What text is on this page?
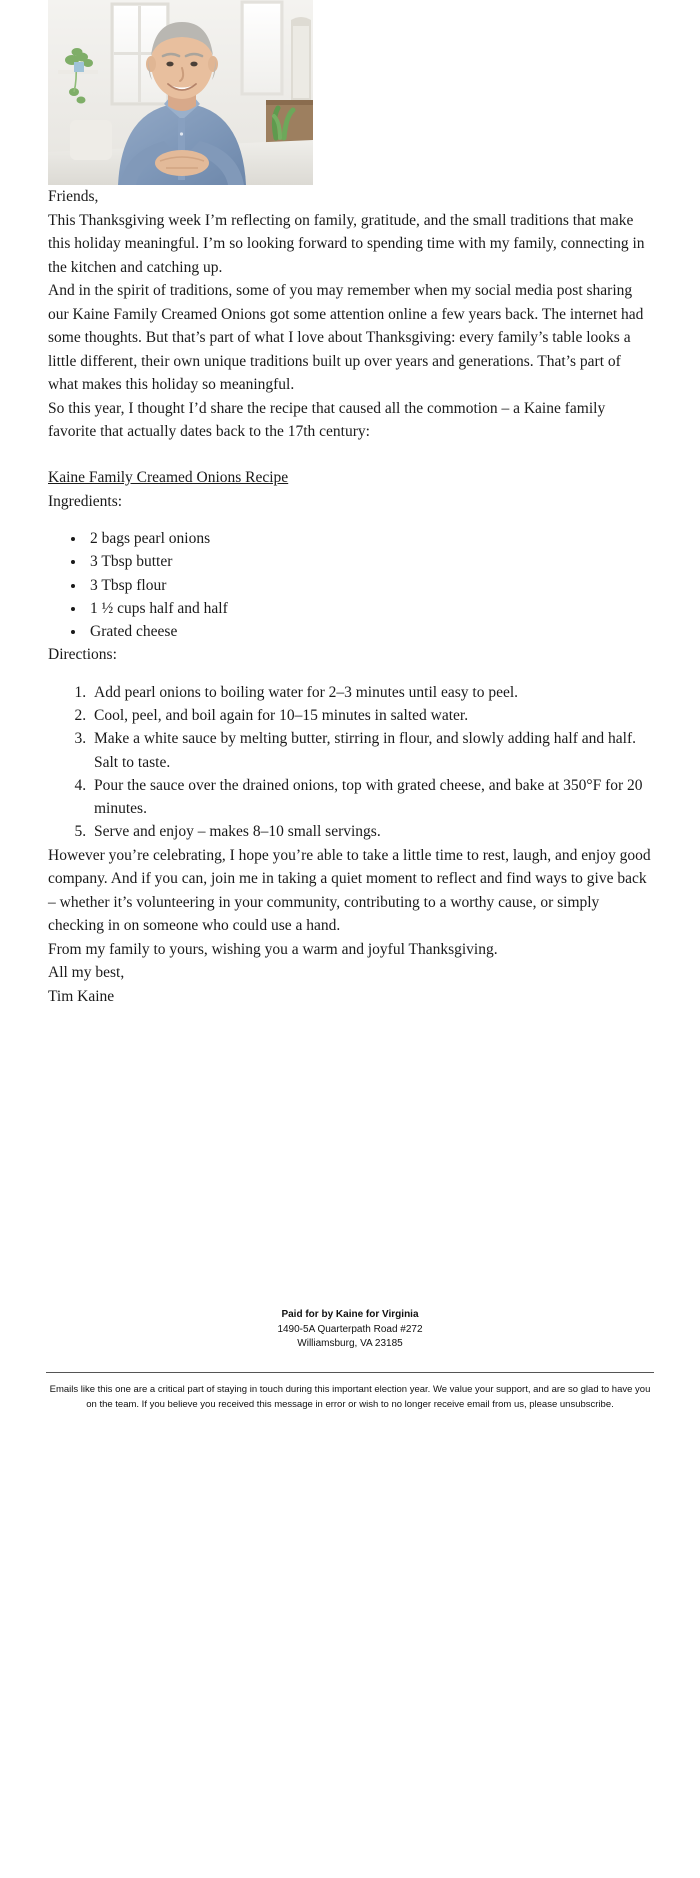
Friends,

This Thanksgiving week I’m reflecting on family, gratitude, and the small traditions that make this holiday meaningful. I’m so looking forward to spending time with my family, connecting in the kitchen and catching up.

And in the spirit of traditions, some of you may remember when my social media post sharing our Kaine Family Creamed Onions got some attention online a few years back. The internet had some thoughts. But that’s part of what I love about Thanksgiving: every family’s table looks a little different, their own unique traditions built up over years and generations. That’s part of what makes this holiday so meaningful.

So this year, I thought I’d share the recipe that caused all the commotion – a Kaine family favorite that actually dates back to the 17th century:

Kaine Family Creamed Onions Recipe

Ingredients:

• 2 bags pearl onions
• 3 Tbsp butter
• 3 Tbsp flour
• 1 ½ cups half and half
• Grated cheese

Directions:

1. Add pearl onions to boiling water for 2–3 minutes until easy to peel.
2. Cool, peel, and boil again for 10–15 minutes in salted water.
3. Make a white sauce by melting butter, stirring in flour, and slowly adding half and half. Salt to taste.
4. Pour the sauce over the drained onions, top with grated cheese, and bake at 350°F for 20 minutes.
5. Serve and enjoy – makes 8–10 small servings.

However you’re celebrating, I hope you’re able to take a little time to rest, laugh, and enjoy good company. And if you can, join me in taking a quiet moment to reflect and find ways to give back – whether it’s volunteering in your community, contributing to a worthy cause, or simply checking in on someone who could use a hand.

From my family to yours, wishing you a warm and joyful Thanksgiving.

All my best,
Tim Kaine

Paid for by Kaine for Virginia
1490-5A Quarterpath Road #272
Williamsburg, VA 23185
Emails like this one are a critical part of staying in touch during this important election year. We value your support, and are so glad to have you on the team. If you believe you received this message in error or wish to no longer receive email from us, please unsubscribe.
